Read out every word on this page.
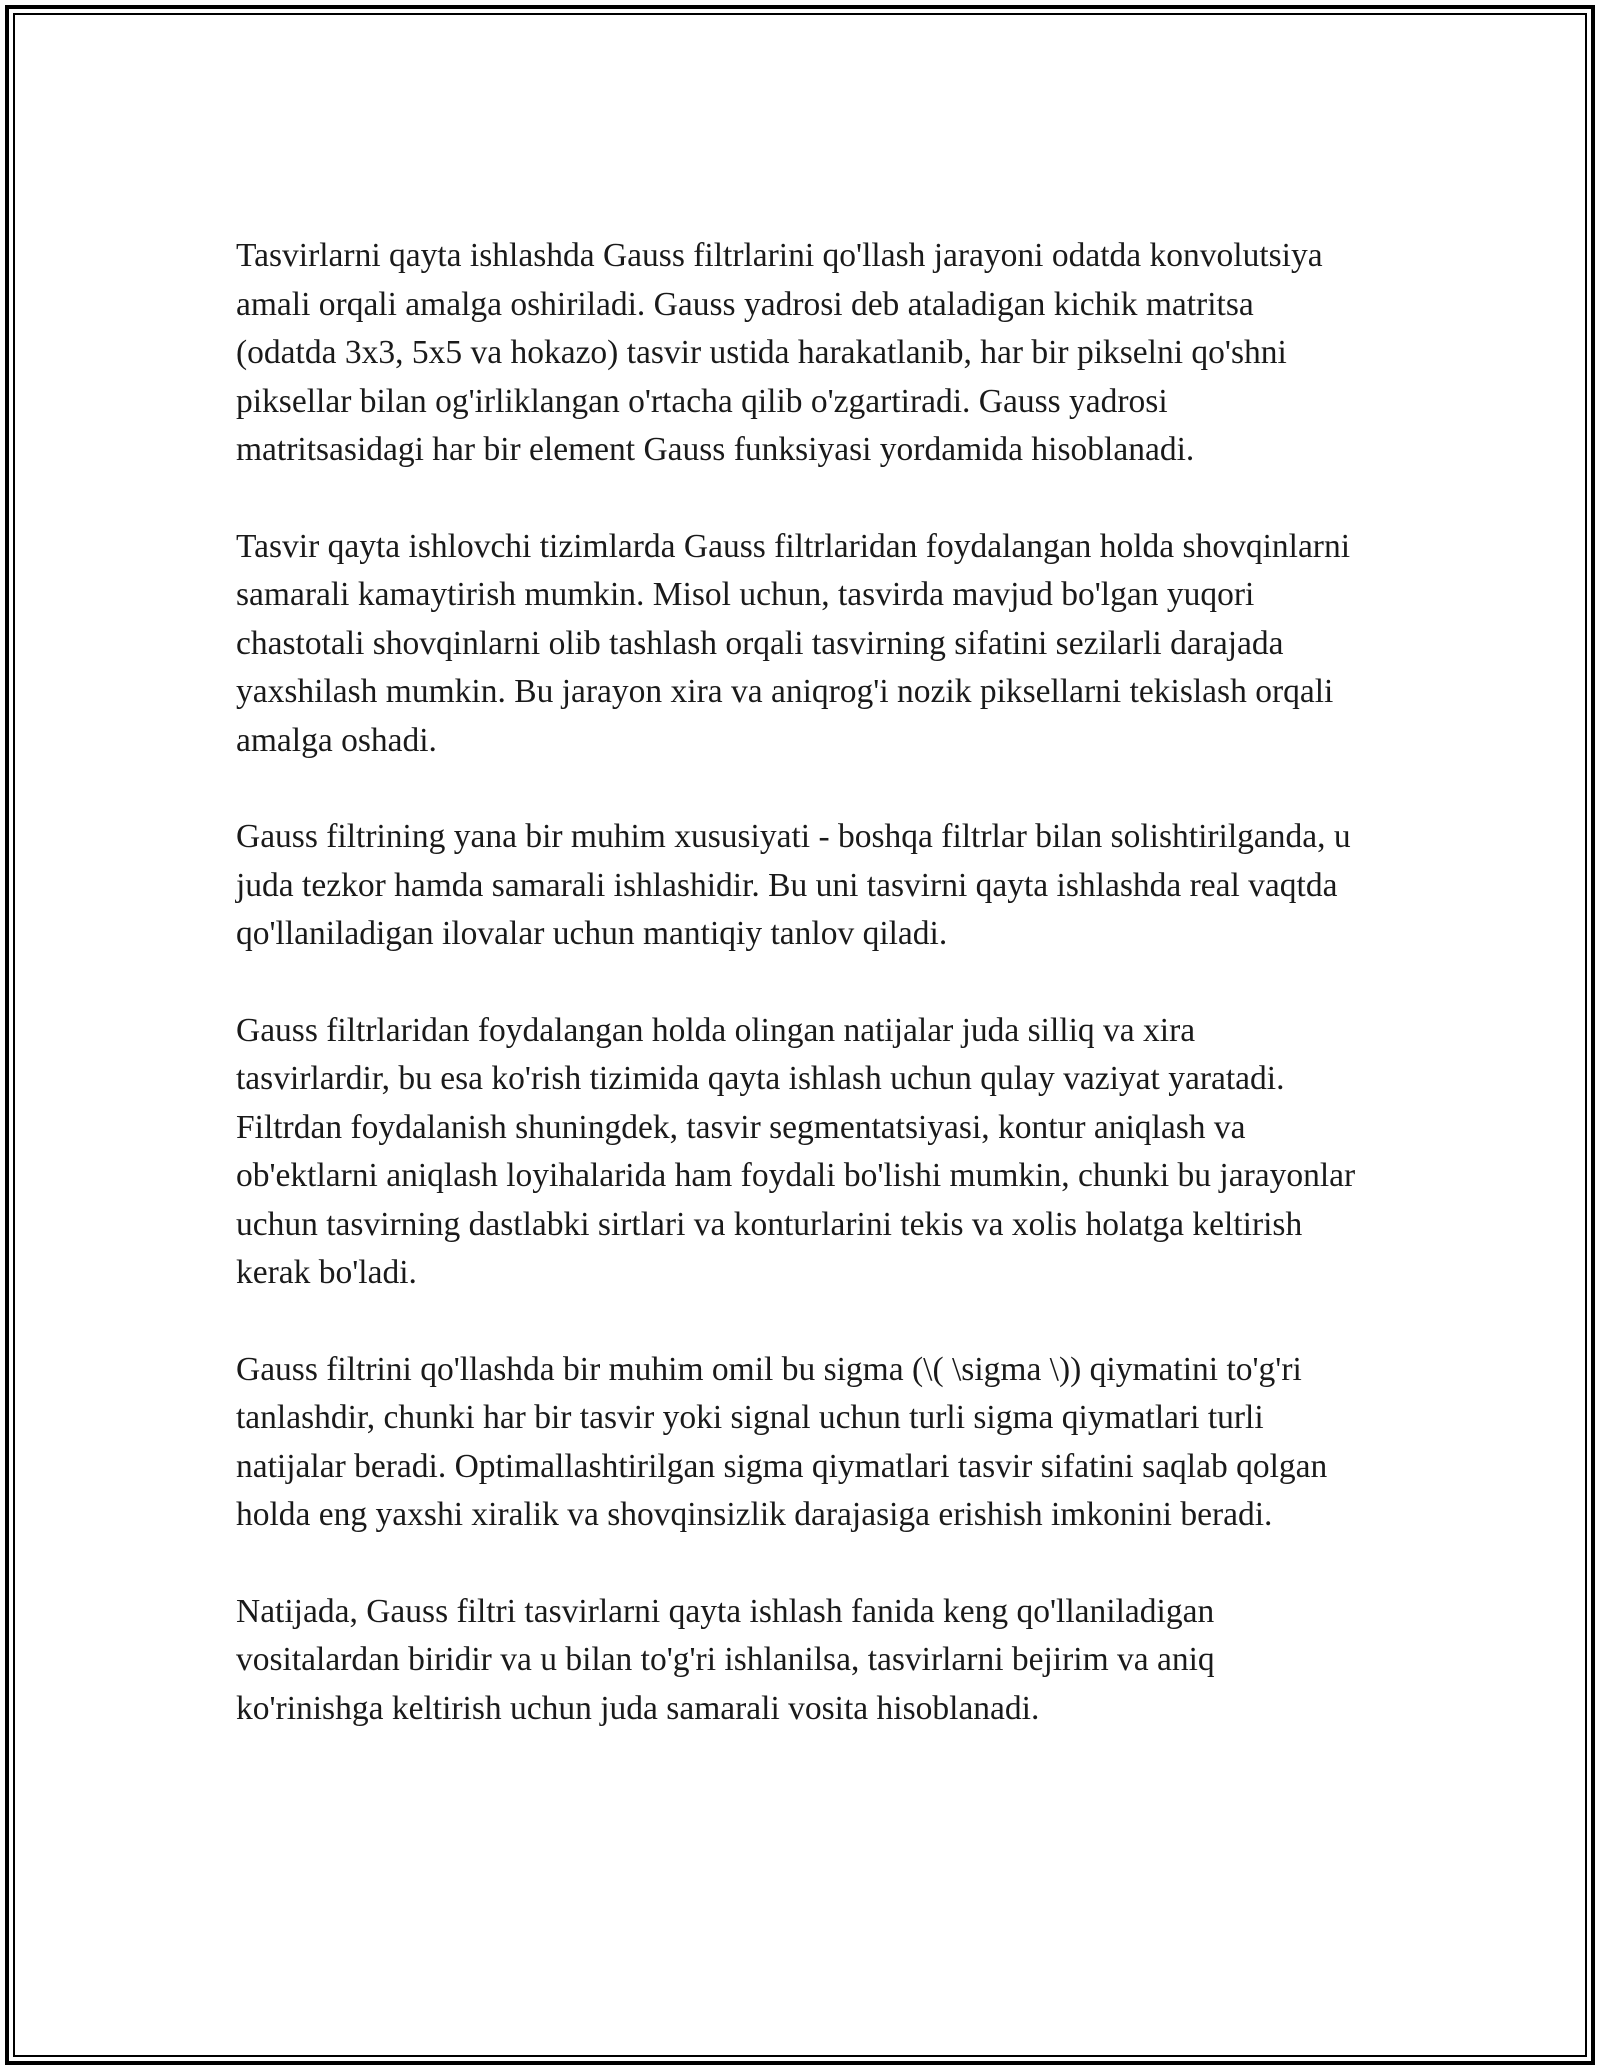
Tasvirlarni qayta ishlashda Gauss filtrlarini qo'llash jarayoni odatda konvolutsiya amali orqali amalga oshiriladi. Gauss yadrosi deb ataladigan kichik matritsa (odatda 3x3, 5x5 va hokazo) tasvir ustida harakatlanib, har bir pikselni qo'shni piksellar bilan og'irliklangan o'rtacha qilib o'zgartiradi. Gauss yadrosi matritsasidagi har bir element Gauss funksiyasi yordamida hisoblanadi.

Tasvir qayta ishlovchi tizimlarda Gauss filtrlaridan foydalangan holda shovqinlarni samarali kamaytirish mumkin. Misol uchun, tasvirda mavjud bo'lgan yuqori chastotali shovqinlarni olib tashlash orqali tasvirning sifatini sezilarli darajada yaxshilash mumkin. Bu jarayon xira va aniqrog'i nozik piksellarni tekislash orqali amalga oshadi.

Gauss filtrining yana bir muhim xususiyati - boshqa filtrlar bilan solishtirilganda, u juda tezkor hamda samarali ishlashidir. Bu uni tasvirni qayta ishlashda real vaqtda qo'llaniladigan ilovalar uchun mantiqiy tanlov qiladi.

Gauss filtrlaridan foydalangan holda olingan natijalar juda silliq va xira tasvirlardir, bu esa ko'rish tizimida qayta ishlash uchun qulay vaziyat yaratadi. Filtrdan foydalanish shuningdek, tasvir segmentatsiyasi, kontur aniqlash va ob'ektlarni aniqlash loyihalarida ham foydali bo'lishi mumkin, chunki bu jarayonlar uchun tasvirning dastlabki sirtlari va konturlarini tekis va xolis holatga keltirish kerak bo'ladi.

Gauss filtrini qo'llashda bir muhim omil bu sigma (\( \sigma \)) qiymatini to'g'ri tanlashdir, chunki har bir tasvir yoki signal uchun turli sigma qiymatlari turli natijalar beradi. Optimallashtirilgan sigma qiymatlari tasvir sifatini saqlab qolgan holda eng yaxshi xiralik va shovqinsizlik darajasiga erishish imkonini beradi.

Natijada, Gauss filtri tasvirlarni qayta ishlash fanida keng qo'llaniladigan vositalardan biridir va u bilan to'g'ri ishlanilsa, tasvirlarni bejirim va aniq ko'rinishga keltirish uchun juda samarali vosita hisoblanadi.
